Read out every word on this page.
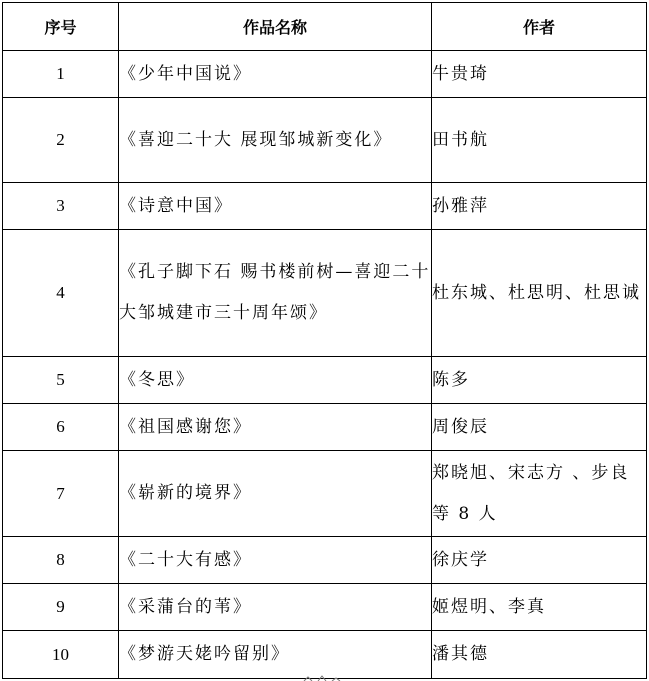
序号	作品名称	作者
1	《少年中国说》	牛贵琦
2	《喜迎二十大 展现邹城新变化》	田书航
3	《诗意中国》	孙雅萍
4	《孔子脚下石 赐书楼前树—喜迎二十大邹城建市三十周年颂》	杜东城、杜思明、杜思诚
5	《冬思》	陈多
6	《祖国感谢您》	周俊辰
7	《崭新的境界》	郑晓旭、宋志方 、步良等 8 人
8	《二十大有感》	徐庆学
9	《采蒲台的苇》	姬煜明、李真
10	《梦游天姥吟留别》	潘其德
